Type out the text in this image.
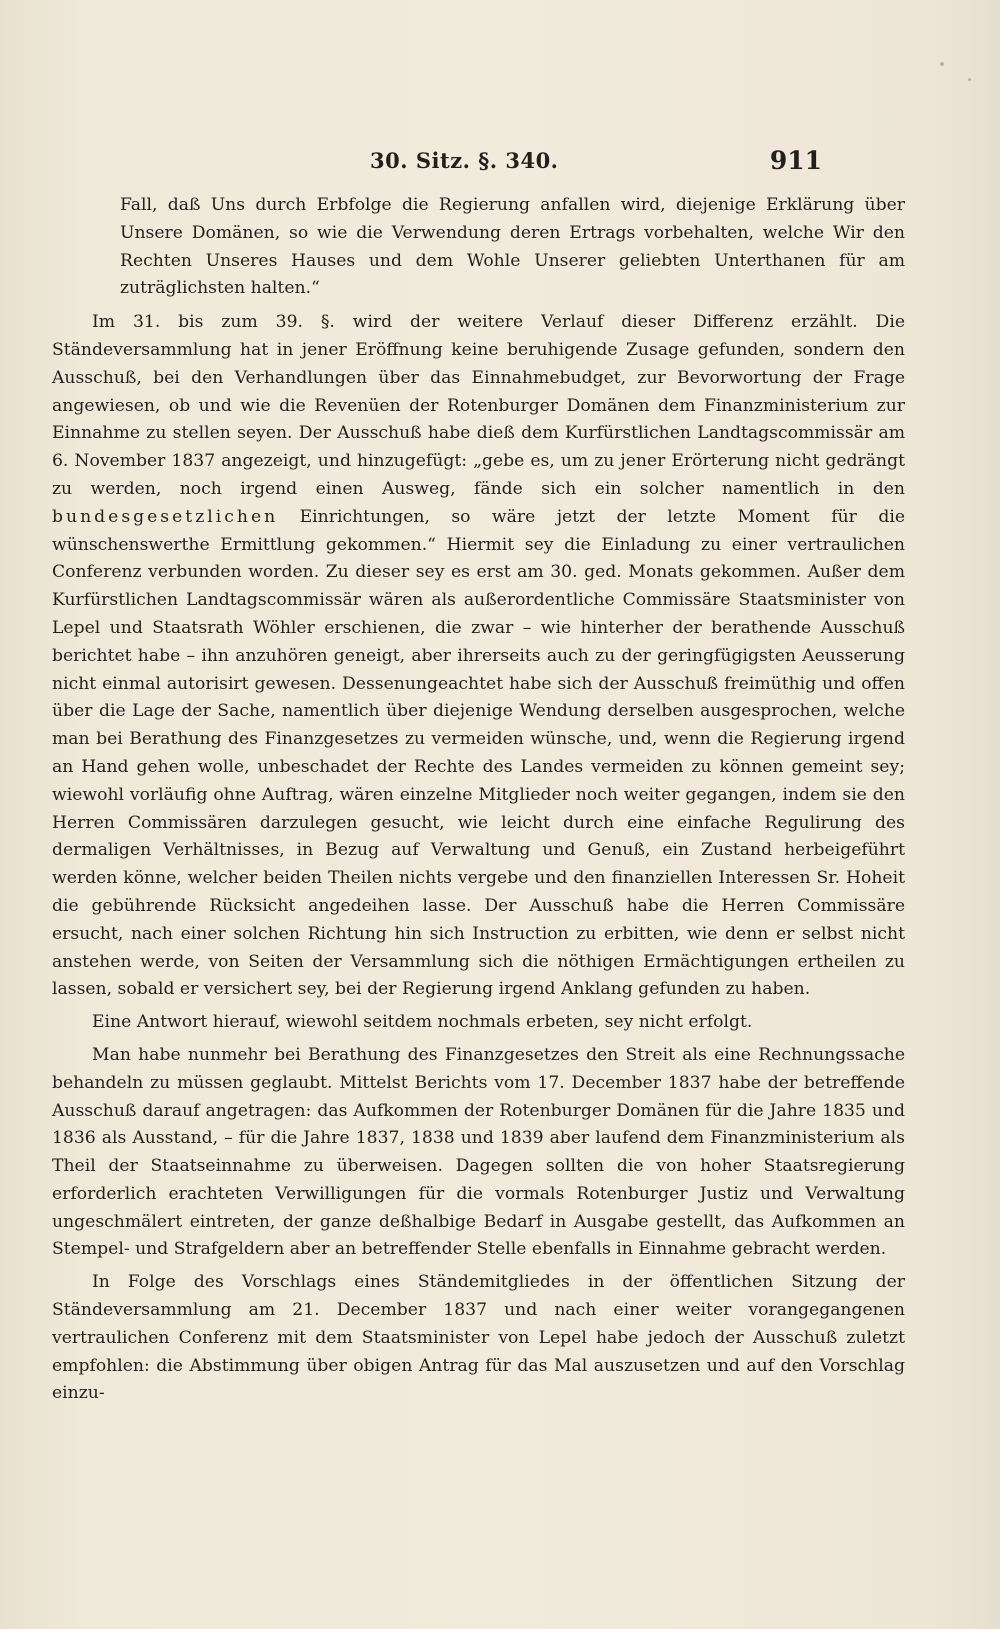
30. Sitz. §. 340.	911

Fall, daß Uns durch Erbfolge die Regierung anfallen wird, diejenige Erklärung über Unsere Domänen, so wie die Verwendung deren Ertrags vorbehalten, welche Wir den Rechten Unseres Hauses und dem Wohle Unserer geliebten Unterthanen für am zuträglichsten halten.“

Im 31. bis zum 39. §. wird der weitere Verlauf dieser Differenz erzählt. Die Ständeversammlung hat in jener Eröffnung keine beruhigende Zusage gefunden, sondern den Ausschuß, bei den Verhandlungen über das Einnahmebudget, zur Bevorwortung der Frage angewiesen, ob und wie die Revenüen der Rotenburger Domänen dem Finanzministerium zur Einnahme zu stellen seyen. Der Ausschuß habe dieß dem Kurfürstlichen Landtagscommissär am 6. November 1837 angezeigt, und hinzugefügt: „gebe es, um zu jener Erörterung nicht gedrängt zu werden, noch irgend einen Ausweg, fände sich ein solcher namentlich in den bundesgesetzlichen Einrichtungen, so wäre jetzt der letzte Moment für die wünschenswerthe Ermittlung gekommen.“ Hiermit sey die Einladung zu einer vertraulichen Conferenz verbunden worden. Zu dieser sey es erst am 30. ged. Monats gekommen. Außer dem Kurfürstlichen Landtagscommissär wären als außerordentliche Commissäre Staatsminister von Lepel und Staatsrath Wöhler erschienen, die zwar – wie hinterher der berathende Ausschuß berichtet habe – ihn anzuhören geneigt, aber ihrerseits auch zu der geringfügigsten Aeusserung nicht einmal autorisirt gewesen. Dessenungeachtet habe sich der Ausschuß freimüthig und offen über die Lage der Sache, namentlich über diejenige Wendung derselben ausgesprochen, welche man bei Berathung des Finanzgesetzes zu vermeiden wünsche, und, wenn die Regierung irgend an Hand gehen wolle, unbeschadet der Rechte des Landes vermeiden zu können gemeint sey; wiewohl vorläufig ohne Auftrag, wären einzelne Mitglieder noch weiter gegangen, indem sie den Herren Commissären darzulegen gesucht, wie leicht durch eine einfache Regulirung des dermaligen Verhältnisses, in Bezug auf Verwaltung und Genuß, ein Zustand herbeigeführt werden könne, welcher beiden Theilen nichts vergebe und den finanziellen Interessen Sr. Hoheit die gebührende Rücksicht angedeihen lasse. Der Ausschuß habe die Herren Commissäre ersucht, nach einer solchen Richtung hin sich Instruction zu erbitten, wie denn er selbst nicht anstehen werde, von Seiten der Versammlung sich die nöthigen Ermächtigungen ertheilen zu lassen, sobald er versichert sey, bei der Regierung irgend Anklang gefunden zu haben.

Eine Antwort hierauf, wiewohl seitdem nochmals erbeten, sey nicht erfolgt.

Man habe nunmehr bei Berathung des Finanzgesetzes den Streit als eine Rechnungssache behandeln zu müssen geglaubt. Mittelst Berichts vom 17. December 1837 habe der betreffende Ausschuß darauf angetragen: das Aufkommen der Rotenburger Domänen für die Jahre 1835 und 1836 als Ausstand, – für die Jahre 1837, 1838 und 1839 aber laufend dem Finanzministerium als Theil der Staatseinnahme zu überweisen. Dagegen sollten die von hoher Staatsregierung erforderlich erachteten Verwilligungen für die vormals Rotenburger Justiz und Verwaltung ungeschmälert eintreten, der ganze deßhalbige Bedarf in Ausgabe gestellt, das Aufkommen an Stempel- und Strafgeldern aber an betreffender Stelle ebenfalls in Einnahme gebracht werden.

In Folge des Vorschlags eines Ständemitgliedes in der öffentlichen Sitzung der Ständeversammlung am 21. December 1837 und nach einer weiter vorangegangenen vertraulichen Conferenz mit dem Staatsminister von Lepel habe jedoch der Ausschuß zuletzt empfohlen: die Abstimmung über obigen Antrag für das Mal auszusetzen und auf den Vorschlag einzu-
